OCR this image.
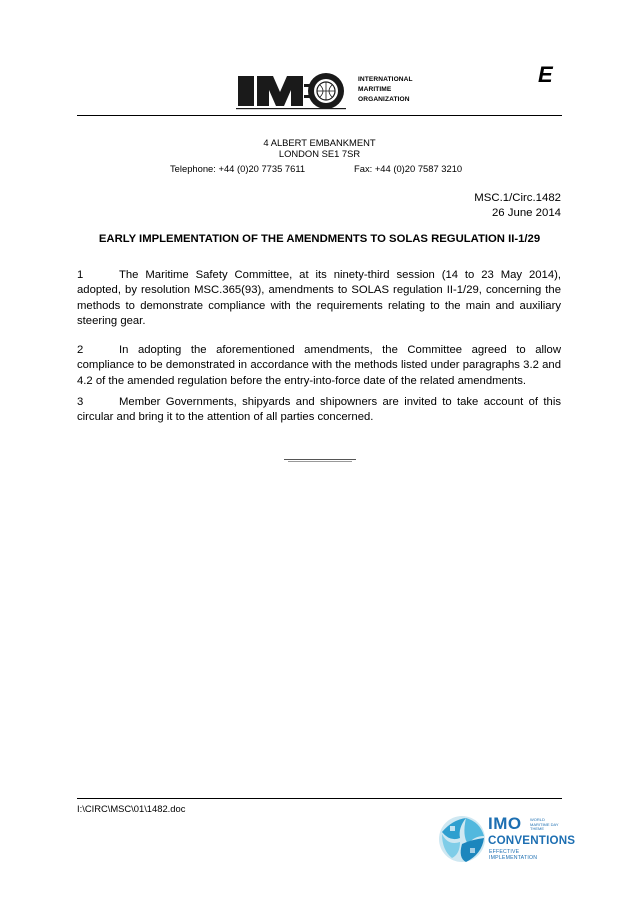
E
INTERNATIONAL
MARITIME
ORGANIZATION
4 ALBERT EMBANKMENT
LONDON SE1 7SR
Telephone: +44 (0)20 7735 7611	Fax: +44 (0)20 7587 3210
MSC.1/Circ.1482
26 June 2014
EARLY IMPLEMENTATION OF THE AMENDMENTS TO SOLAS REGULATION II-1/29
1	The Maritime Safety Committee, at its ninety-third session (14 to 23 May 2014), adopted, by resolution MSC.365(93), amendments to SOLAS regulation II-1/29, concerning the methods to demonstrate compliance with the requirements relating to the main and auxiliary steering gear.
2	In adopting the aforementioned amendments, the Committee agreed to allow compliance to be demonstrated in accordance with the methods listed under paragraphs 3.2 and 4.2 of the amended regulation before the entry-into-force date of the related amendments.
3	Member Governments, shipyards and shipowners are invited to take account of this circular and bring it to the attention of all parties concerned.
I:\CIRC\MSC\01\1482.doc
WORLD MARITIME DAY THEME
IMO
CONVENTIONS
EFFECTIVE IMPLEMENTATION
